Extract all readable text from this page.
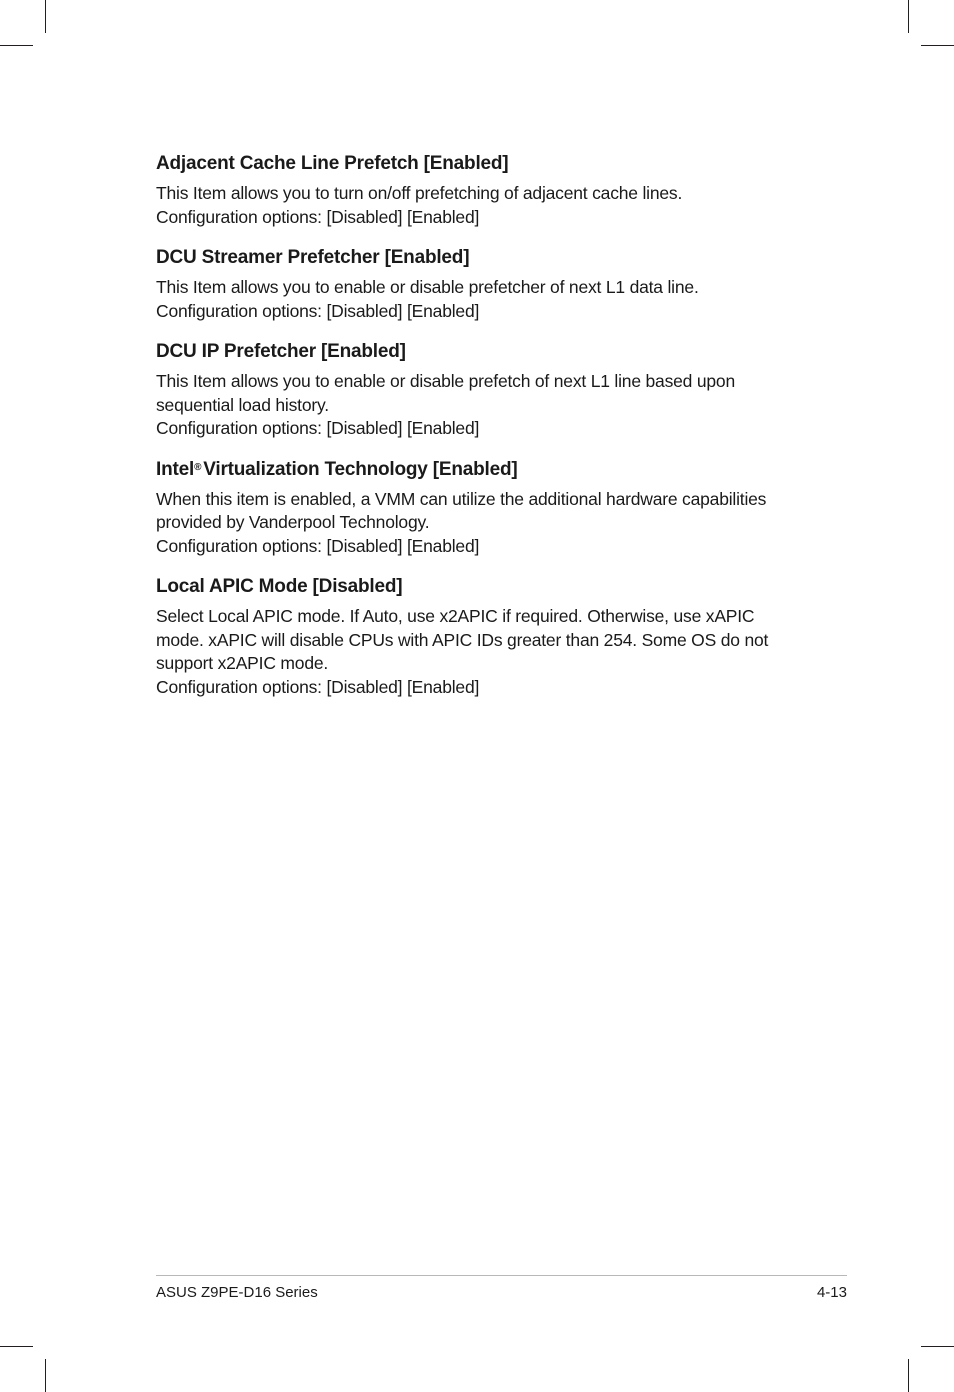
Adjacent Cache Line Prefetch [Enabled]

This Item allows you to turn on/off prefetching of adjacent cache lines.
Configuration options: [Disabled] [Enabled]

DCU Streamer Prefetcher [Enabled]

This Item allows you to enable or disable prefetcher of next L1 data line.
Configuration options: [Disabled] [Enabled]

DCU IP Prefetcher [Enabled]

This Item allows you to enable or disable prefetch of next L1 line based upon
sequential load history.
Configuration options: [Disabled] [Enabled]

Intel® Virtualization Technology [Enabled]

When this item is enabled, a VMM can utilize the additional hardware capabilities
provided by Vanderpool Technology.
Configuration options: [Disabled] [Enabled]

Local APIC Mode [Disabled]

Select Local APIC mode. If Auto, use x2APIC if required. Otherwise, use xAPIC
mode. xAPIC will disable CPUs with APIC IDs greater than 254. Some OS do not
support x2APIC mode.
Configuration options: [Disabled] [Enabled]

ASUS Z9PE-D16 Series	4-13
